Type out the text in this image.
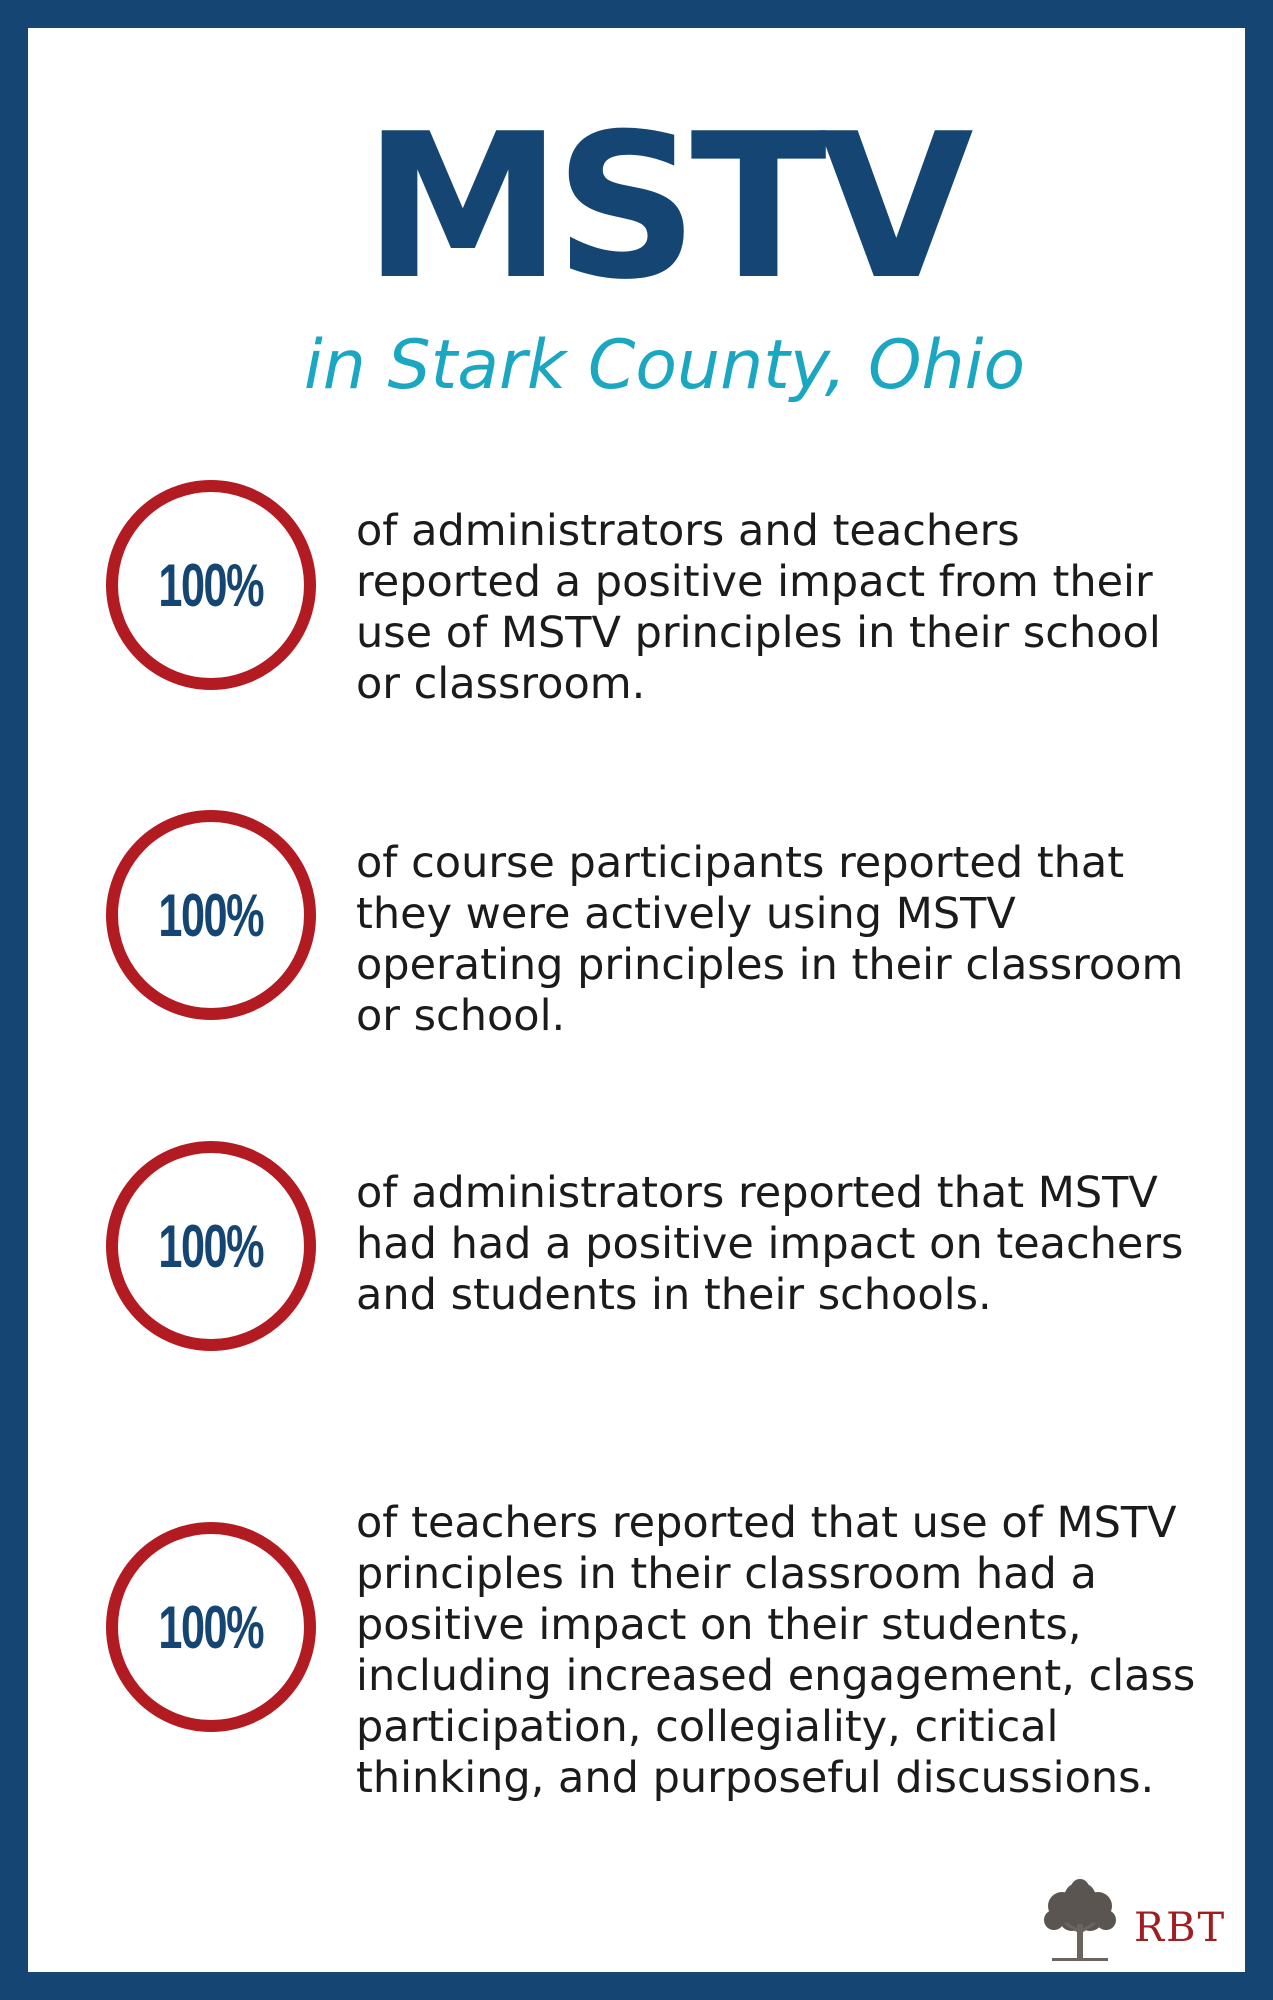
MSTV
in Stark County, Ohio
100%
of administrators and teachers reported a positive impact from their use of MSTV principles in their school or classroom.
100%
of course participants reported that they were actively using MSTV operating principles in their classroom or school.
100%
of administrators reported that MSTV had had a positive impact on teachers and students in their schools.
100%
of teachers reported that use of MSTV principles in their classroom had a positive impact on their students, including increased engagement, class participation, collegiality, critical thinking, and purposeful discussions.
RBT
